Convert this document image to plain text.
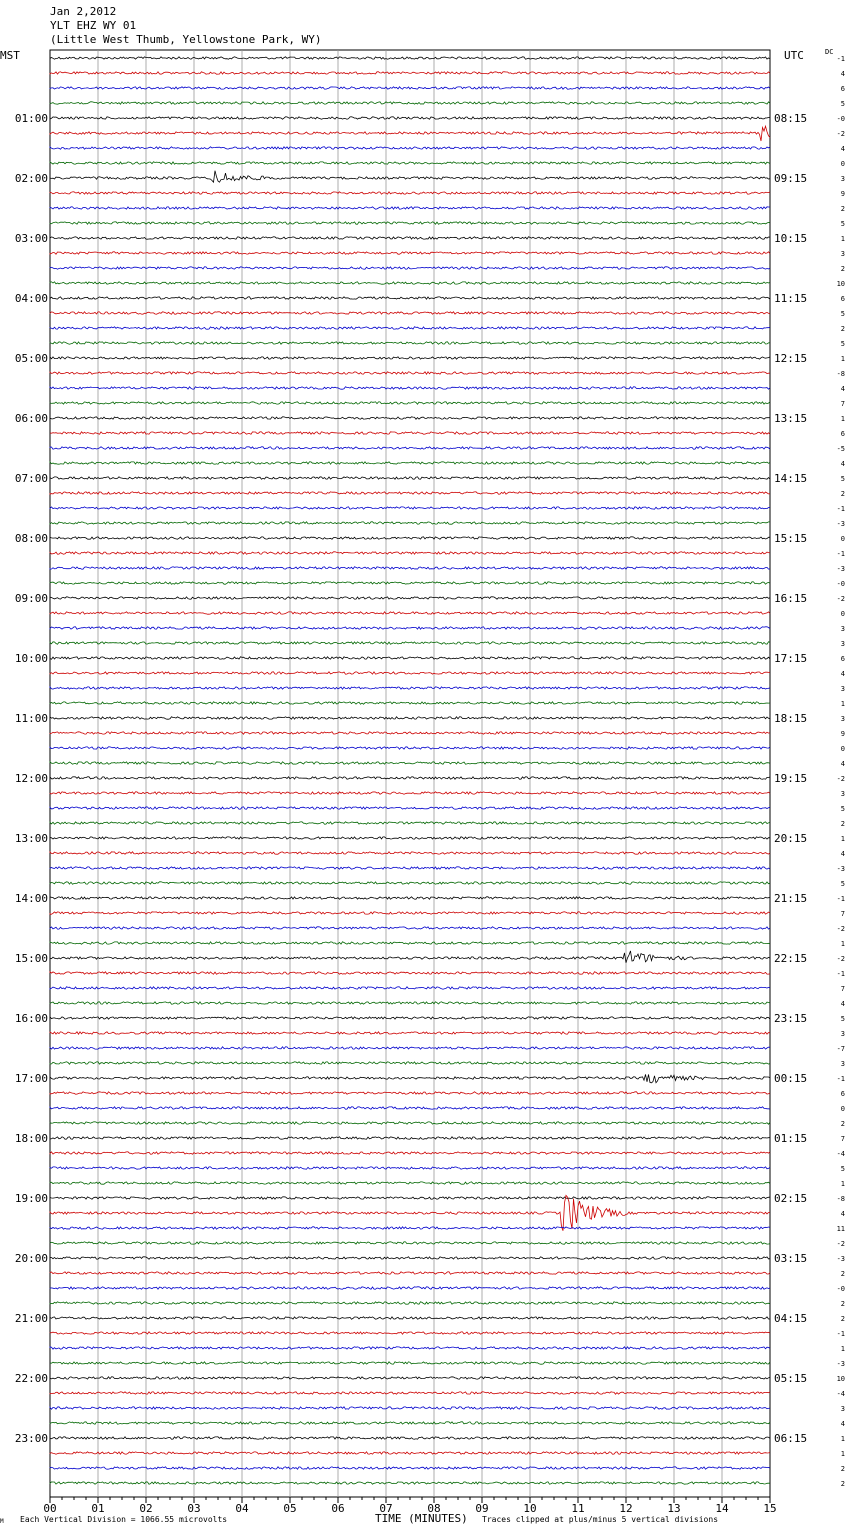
Jan 2,2012
YLT EHZ WY 01
(Little West Thumb, Yellowstone Park, WY)
MST	UTC	DC
00	01	02	03	04	05	06	07	08	09	10	11	12	13	14	15
-1
4
6
5
-0
01:00	08:15
-2
4
0
3
02:00	09:15
9
2
5
1
03:00	10:15
3
2
10
6
04:00	11:15
5
2
5
1
05:00	12:15
-8
4
7
1
06:00	13:15
6
-5
4
5
07:00	14:15
2
-1
-3
0
08:00	15:15
-1
-3
-0
-2
09:00	16:15
0
3
3
6
10:00	17:15
4
3
1
3
11:00	18:15
9
0
4
-2
12:00	19:15
3
5
2
1
13:00	20:15
4
-3
5
-1
14:00	21:15
7
-2
1
-2
15:00	22:15
-1
7
4
5
16:00	23:15
3
-7
3
-1
17:00	00:15
6
0
2
7
18:00	01:15
-4
5
1
-8
19:00	02:15
4
11
-2
-3
20:00	03:15
2
-0
2
2
21:00	04:15
-1
1
-3
10
22:00	05:15
-4
3
4
1
23:00	06:15
1
2
2
M Each Vertical Division = 1066.55 microvolts	TIME (MINUTES) Traces clipped at plus/minus 5 vertical divisions
